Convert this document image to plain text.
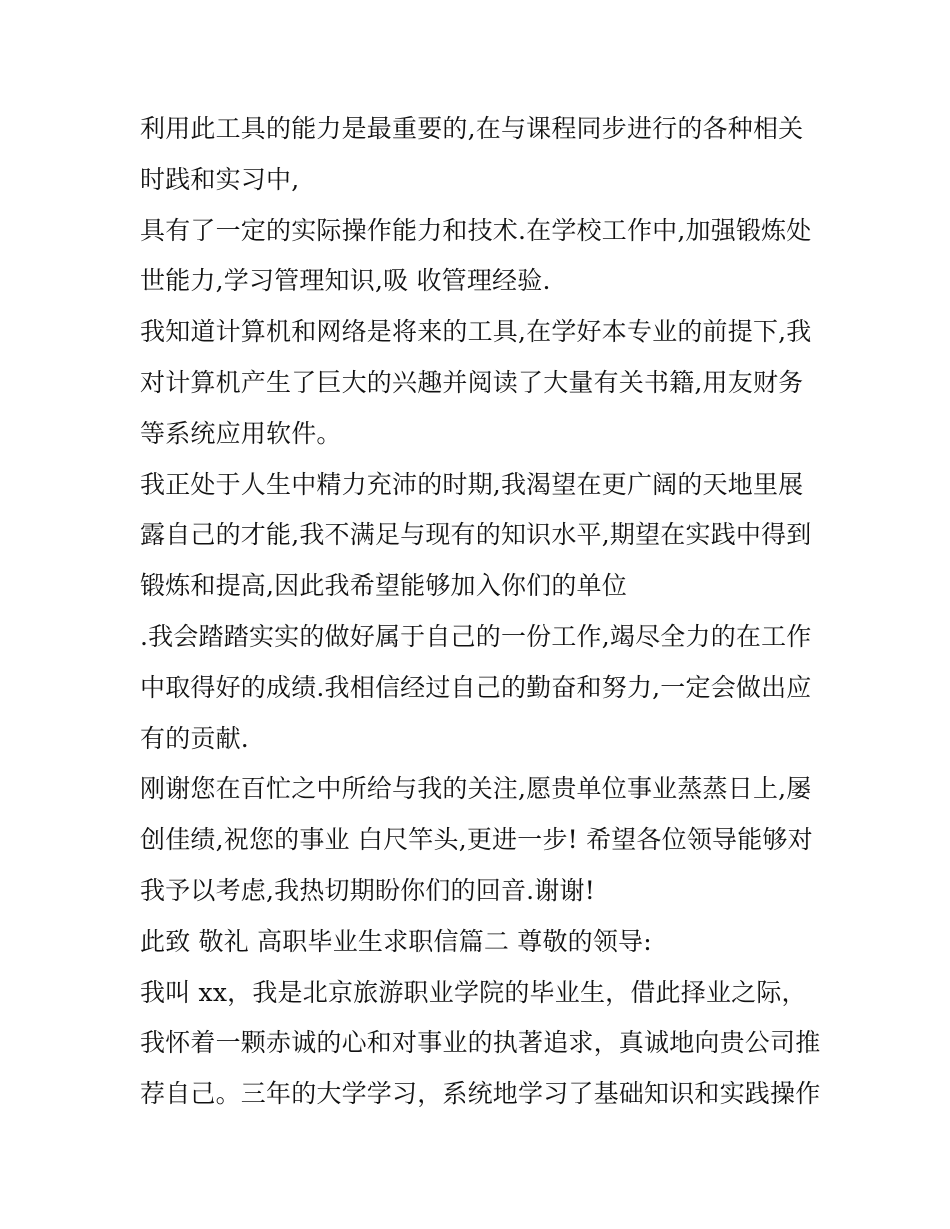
利用此工具的能力是最重要的,在与课程同步进行的各种相关
时践和实习中,
具有了一定的实际操作能力和技术.在学校工作中,加强锻炼处
世能力,学习管理知识,吸 收管理经验.
我知道计算机和网络是将来的工具,在学好本专业的前提下,我
对计算机产生了巨大的兴趣并阅读了大量有关书籍,用友财务
等系统应用软件。
我正处于人生中精力充沛的时期,我渴望在更广阔的天地里展
露自己的才能,我不满足与现有的知识水平,期望在实践中得到
锻炼和提高,因此我希望能够加入你们的单位
.我会踏踏实实的做好属于自己的一份工作,竭尽全力的在工作
中取得好的成绩.我相信经过自己的勤奋和努力,一定会做出应
有的贡献.
刚谢您在百忙之中所给与我的关注,愿贵单位事业蒸蒸日上,屡
创佳绩,祝您的事业 白尺竿头,更进一步! 希望各位领导能够对
我予以考虑,我热切期盼你们的回音.谢谢!
此致 敬礼 高职毕业生求职信篇二 尊敬的领导:
我叫 xx，我是北京旅游职业学院的毕业生，借此择业之际，
我怀着一颗赤诚的心和对事业的执著追求，真诚地向贵公司推
荐自己。三年的大学学习，系统地学习了基础知识和实践操作
